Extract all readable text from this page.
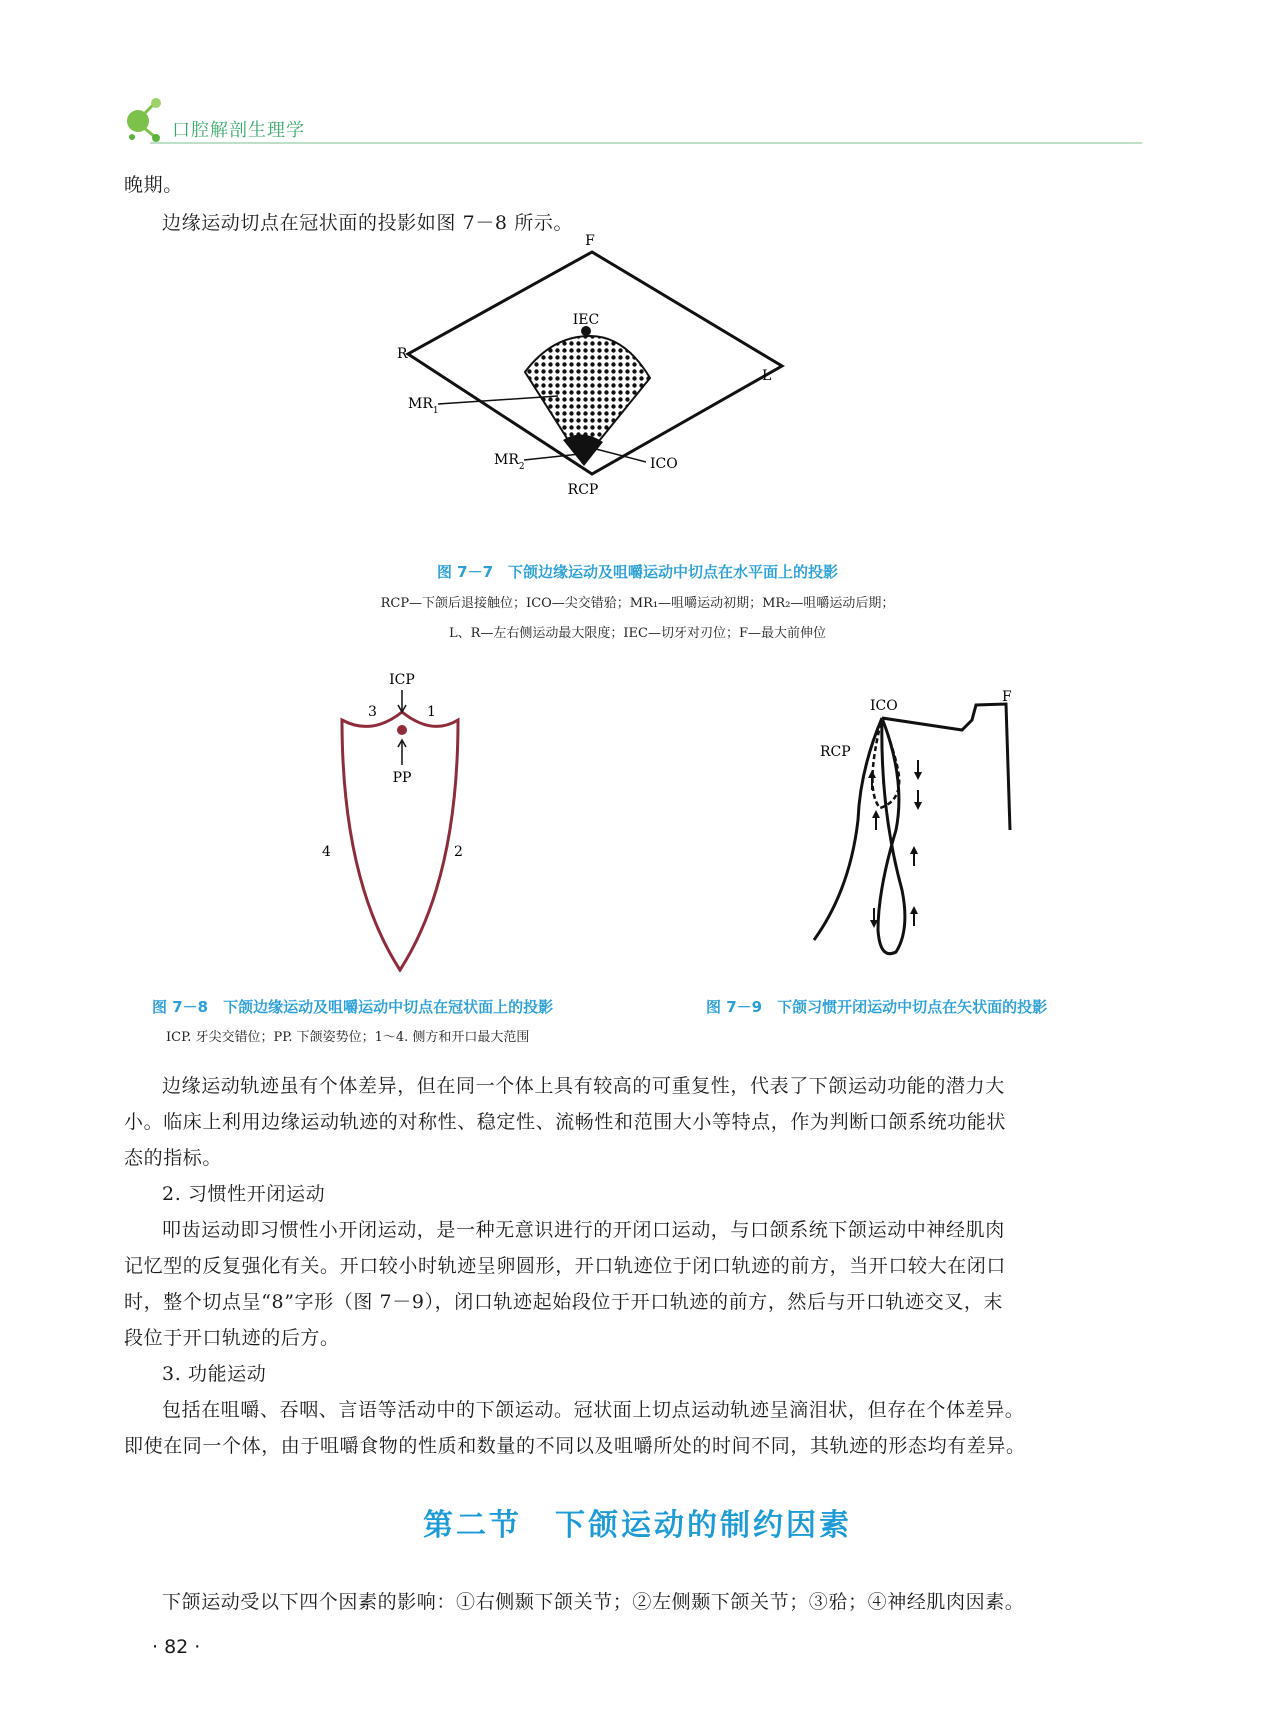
口腔解剖生理学
晚期。
边缘运动切点在冠状面的投影如图 7－8 所示。
F
R
L
IEC
$MR_1$
$MR_2$	ICO
RCP
图 7－7　下颌边缘运动及咀嚼运动中切点在水平面上的投影
RCP—下颌后退接触位；ICO—尖交错𬌗；MR₁—咀嚼运动初期；MR₂—咀嚼运动后期；
L、R—左右侧运动最大限度；IEC—切牙对刃位；F—最大前伸位
ICP
PP
3	1
4	2
ICO
F
RCP
图 7－8　下颌边缘运动及咀嚼运动中切点在冠状面上的投影
ICP. 牙尖交错位；PP. 下颌姿势位；1～4. 侧方和开口最大范围
图 7－9　下颌习惯开闭运动中切点在矢状面的投影
边缘运动轨迹虽有个体差异，但在同一个体上具有较高的可重复性，代表了下颌运动功能的潜力大
小。临床上利用边缘运动轨迹的对称性、稳定性、流畅性和范围大小等特点，作为判断口颌系统功能状
态的指标。
2. 习惯性开闭运动
叩齿运动即习惯性小开闭运动，是一种无意识进行的开闭口运动，与口颌系统下颌运动中神经肌肉
记忆型的反复强化有关。开口较小时轨迹呈卵圆形，开口轨迹位于闭口轨迹的前方，当开口较大在闭口
时，整个切点呈“8”字形（图 7－9），闭口轨迹起始段位于开口轨迹的前方，然后与开口轨迹交叉，末
段位于开口轨迹的后方。
3. 功能运动
包括在咀嚼、吞咽、言语等活动中的下颌运动。冠状面上切点运动轨迹呈滴泪状，但存在个体差异。
即使在同一个体，由于咀嚼食物的性质和数量的不同以及咀嚼所处的时间不同，其轨迹的形态均有差异。
第二节　下颌运动的制约因素
下颌运动受以下四个因素的影响：①右侧颞下颌关节；②左侧颞下颌关节；③𬌗；④神经肌肉因素。
· 82 ·
